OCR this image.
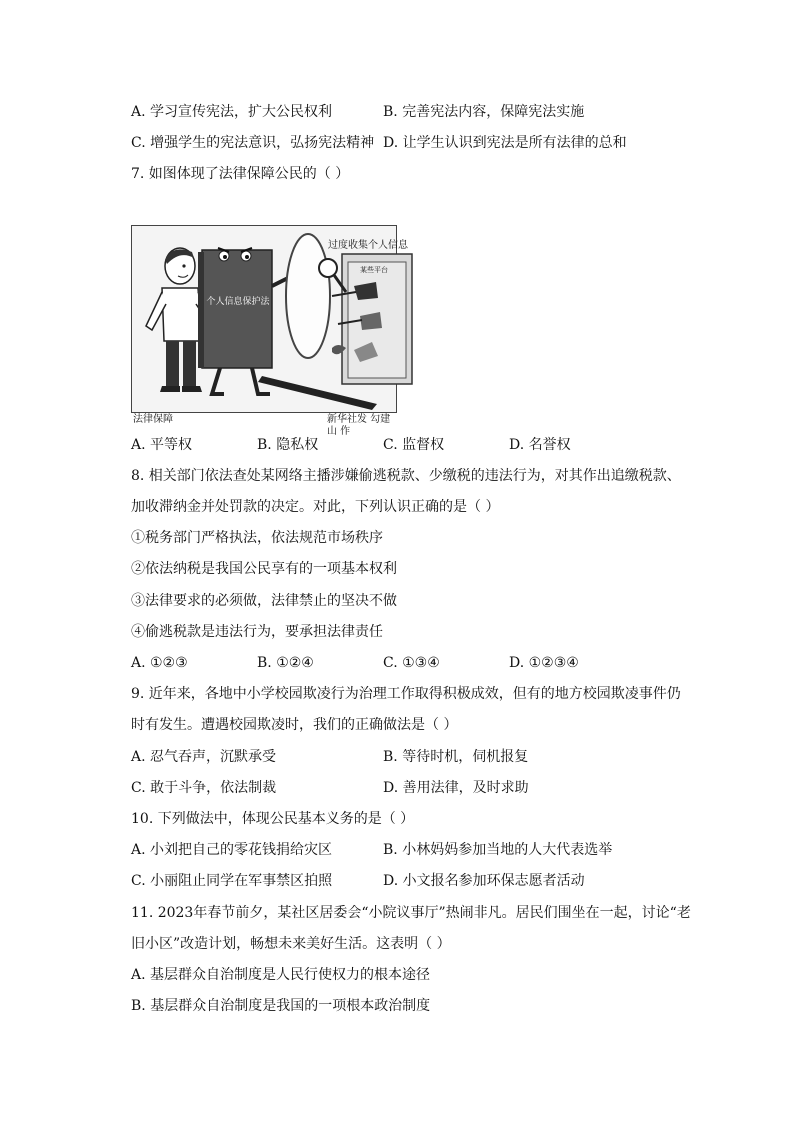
A. 学习宣传宪法，扩大公民权利	B. 完善宪法内容，保障宪法实施
C. 增强学生的宪法意识，弘扬宪法精神 D. 让学生认识到宪法是所有法律的总和
7. 如图体现了法律保障公民的（ ）
个人信息保护法
过度收集个人信息
某些平台
法律保障	新华社发 勾建山 作
A. 平等权	B. 隐私权	C. 监督权	D. 名誉权
8. 相关部门依法查处某网络主播涉嫌偷逃税款、少缴税的违法行为，对其作出追缴税款、
加收滞纳金并处罚款的决定。对此，下列认识正确的是（ ）
①税务部门严格执法，依法规范市场秩序
②依法纳税是我国公民享有的一项基本权利
③法律要求的必须做，法律禁止的坚决不做
④偷逃税款是违法行为，要承担法律责任
A. ①②③	B. ①②④	C. ①③④	D. ①②③④
9. 近年来，各地中小学校园欺凌行为治理工作取得积极成效，但有的地方校园欺凌事件仍
时有发生。遭遇校园欺凌时，我们的正确做法是（ ）
A. 忍气吞声，沉默承受	B. 等待时机，伺机报复
C. 敢于斗争，依法制裁	D. 善用法律，及时求助
10. 下列做法中，体现公民基本义务的是（ ）
A. 小刘把自己的零花钱捐给灾区	B. 小林妈妈参加当地的人大代表选举
C. 小丽阻止同学在军事禁区拍照	D. 小文报名参加环保志愿者活动
11. 2023年春节前夕，某社区居委会“小院议事厅”热闹非凡。居民们围坐在一起，讨论“老
旧小区”改造计划，畅想未来美好生活。这表明（ ）
A. 基层群众自治制度是人民行使权力的根本途径
B. 基层群众自治制度是我国的一项根本政治制度
